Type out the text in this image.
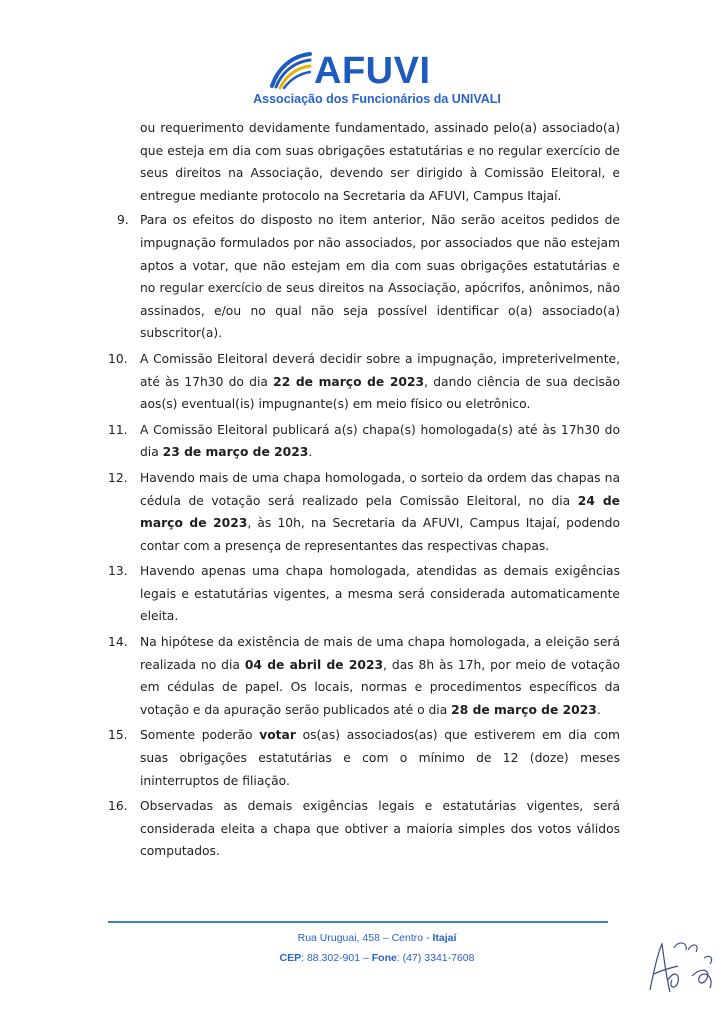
AFUVI
Associação dos Funcionários da UNIVALI

ou requerimento devidamente fundamentado, assinado pelo(a) associado(a) que esteja em dia com suas obrigações estatutárias e no regular exercício de seus direitos na Associação, devendo ser dirigido à Comissão Eleitoral, e entregue mediante protocolo na Secretaria da AFUVI, Campus Itajaí.

9. Para os efeitos do disposto no item anterior, Não serão aceitos pedidos de impugnação formulados por não associados, por associados que não estejam aptos a votar, que não estejam em dia com suas obrigações estatutárias e no regular exercício de seus direitos na Associação, apócrifos, anônimos, não assinados, e/ou no qual não seja possível identificar o(a) associado(a) subscritor(a).
10.	A Comissão Eleitoral deverá decidir sobre a impugnação, impreterivelmente, até às 17h30 do dia 22 de março de 2023, dando ciência de sua decisão aos(s) eventual(is) impugnante(s) em meio físico ou eletrônico.
11.	A Comissão Eleitoral publicará a(s) chapa(s) homologada(s) até às 17h30 do dia 23 de março de 2023.
12.	Havendo mais de uma chapa homologada, o sorteio da ordem das chapas na cédula de votação será realizado pela Comissão Eleitoral, no dia 24 de março de 2023, às 10h, na Secretaria da AFUVI, Campus Itajaí, podendo contar com a presença de representantes das respectivas chapas.
13.	Havendo apenas uma chapa homologada, atendidas as demais exigências legais e estatutárias vigentes, a mesma será considerada automaticamente eleita.
14.	Na hipótese da existência de mais de uma chapa homologada, a eleição será realizada no dia 04 de abril de 2023, das 8h às 17h, por meio de votação em cédulas de papel. Os locais, normas e procedimentos específicos da votação e da apuração serão publicados até o dia 28 de março de 2023.
15.	Somente poderão votar os(as) associados(as) que estiverem em dia com suas obrigações estatutárias e com o mínimo de 12 (doze) meses ininterruptos de filiação.
16.	Observadas as demais exigências legais e estatutárias vigentes, será considerada eleita a chapa que obtiver a maioria simples dos votos válidos computados.
Rua Uruguai, 458 – Centro - Itajaí
CEP: 88.302-901 – Fone: (47) 3341-7608
